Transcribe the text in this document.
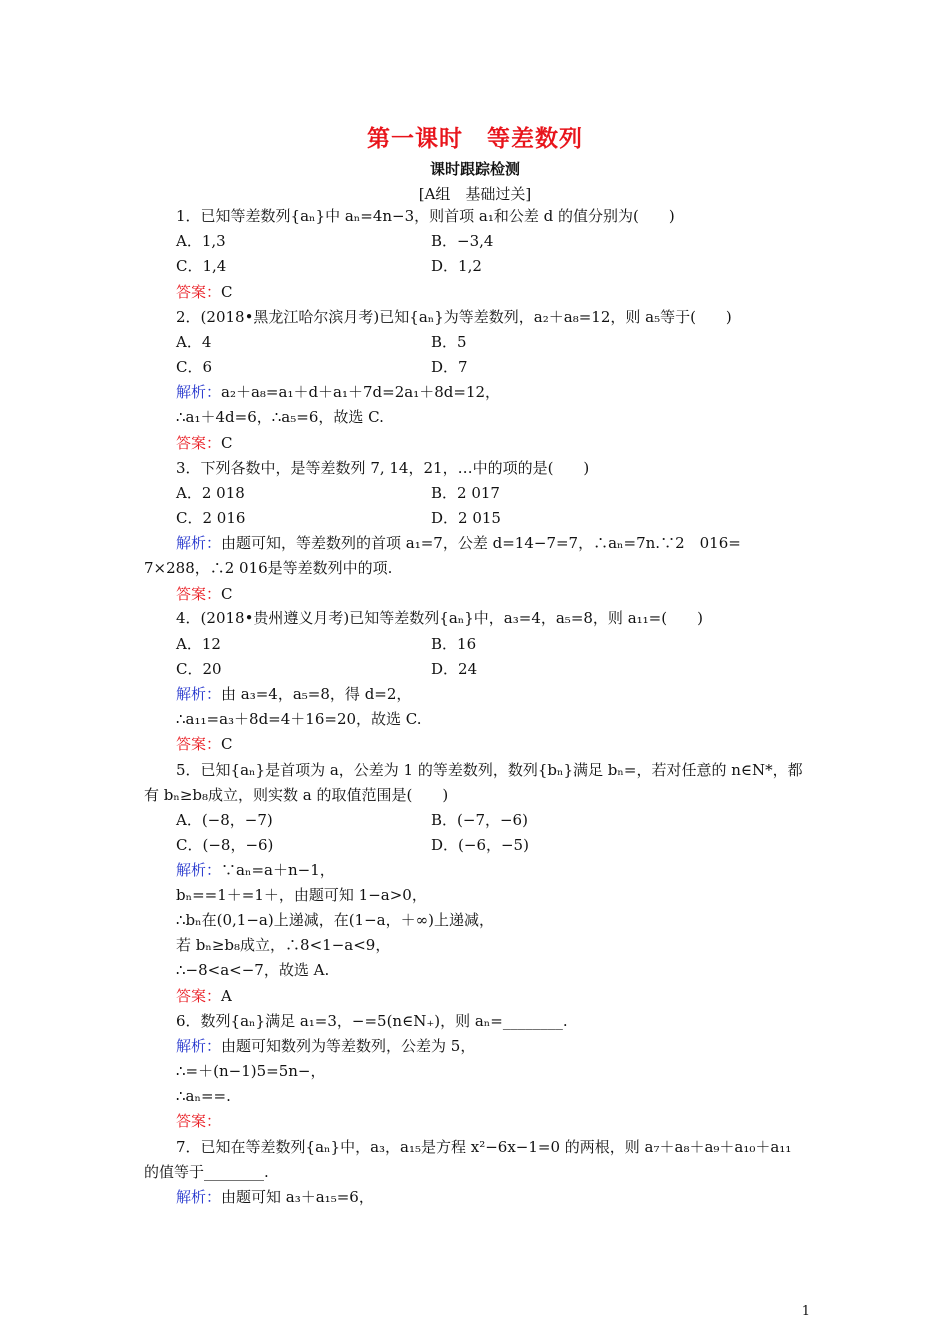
第一课时　等差数列
课时跟踪检测
[A组　基础过关]
1．已知等差数列{aₙ}中 aₙ=4n−3，则首项 a₁和公差 d 的值分别为(　　)
A．1,3	B．−3,4
C．1,4	D．1,2
答案：C
2．(2018•黑龙江哈尔滨月考)已知{aₙ}为等差数列，a₂＋a₈=12，则 a₅等于(　　)
A．4	B．5
C．6	D．7
解析：a₂＋a₈=a₁＋d＋a₁＋7d=2a₁＋8d=12，
∴a₁＋4d=6，∴a₅=6，故选 C.
答案：C
3．下列各数中，是等差数列 7, 14，21，…中的项的是(　　)
A．2 018	B．2 017
C．2 016	D．2 015
解析：由题可知，等差数列的首项 a₁=7，公差 d=14−7=7，∴aₙ=7n.∵2　016=
7×288，∴2 016是等差数列中的项.
答案：C
4．(2018•贵州遵义月考)已知等差数列{aₙ}中，a₃=4，a₅=8，则 a₁₁=(　　)
A．12	B．16
C．20	D．24
解析：由 a₃=4，a₅=8，得 d=2，
∴a₁₁=a₃＋8d=4＋16=20，故选 C.
答案：C
5．已知{aₙ}是首项为 a，公差为 1 的等差数列，数列{bₙ}满足 bₙ=，若对任意的 n∈N*，都
有 bₙ≥b₈成立，则实数 a 的取值范围是(　　)
A．(−8，−7)	B．(−7，−6)
C．(−8，−6)	D．(−6，−5)
解析：∵aₙ=a＋n−1，
bₙ==1＋=1＋，由题可知 1−a>0，
∴bₙ在(0,1−a)上递减，在(1−a，＋∞)上递减，
若 bₙ≥b₈成立，∴8<1−a<9，
∴−8<a<−7，故选 A.
答案：A
6．数列{aₙ}满足 a₁=3，−=5(n∈N₊)，则 aₙ=________.
解析：由题可知数列为等差数列，公差为 5，
∴=＋(n−1)5=5n−，
∴aₙ==.
答案：
7．已知在等差数列{aₙ}中，a₃，a₁₅是方程 x²−6x−1=0 的两根，则 a₇＋a₈＋a₉＋a₁₀＋a₁₁
的值等于________.
解析：由题可知 a₃＋a₁₅=6，
1
